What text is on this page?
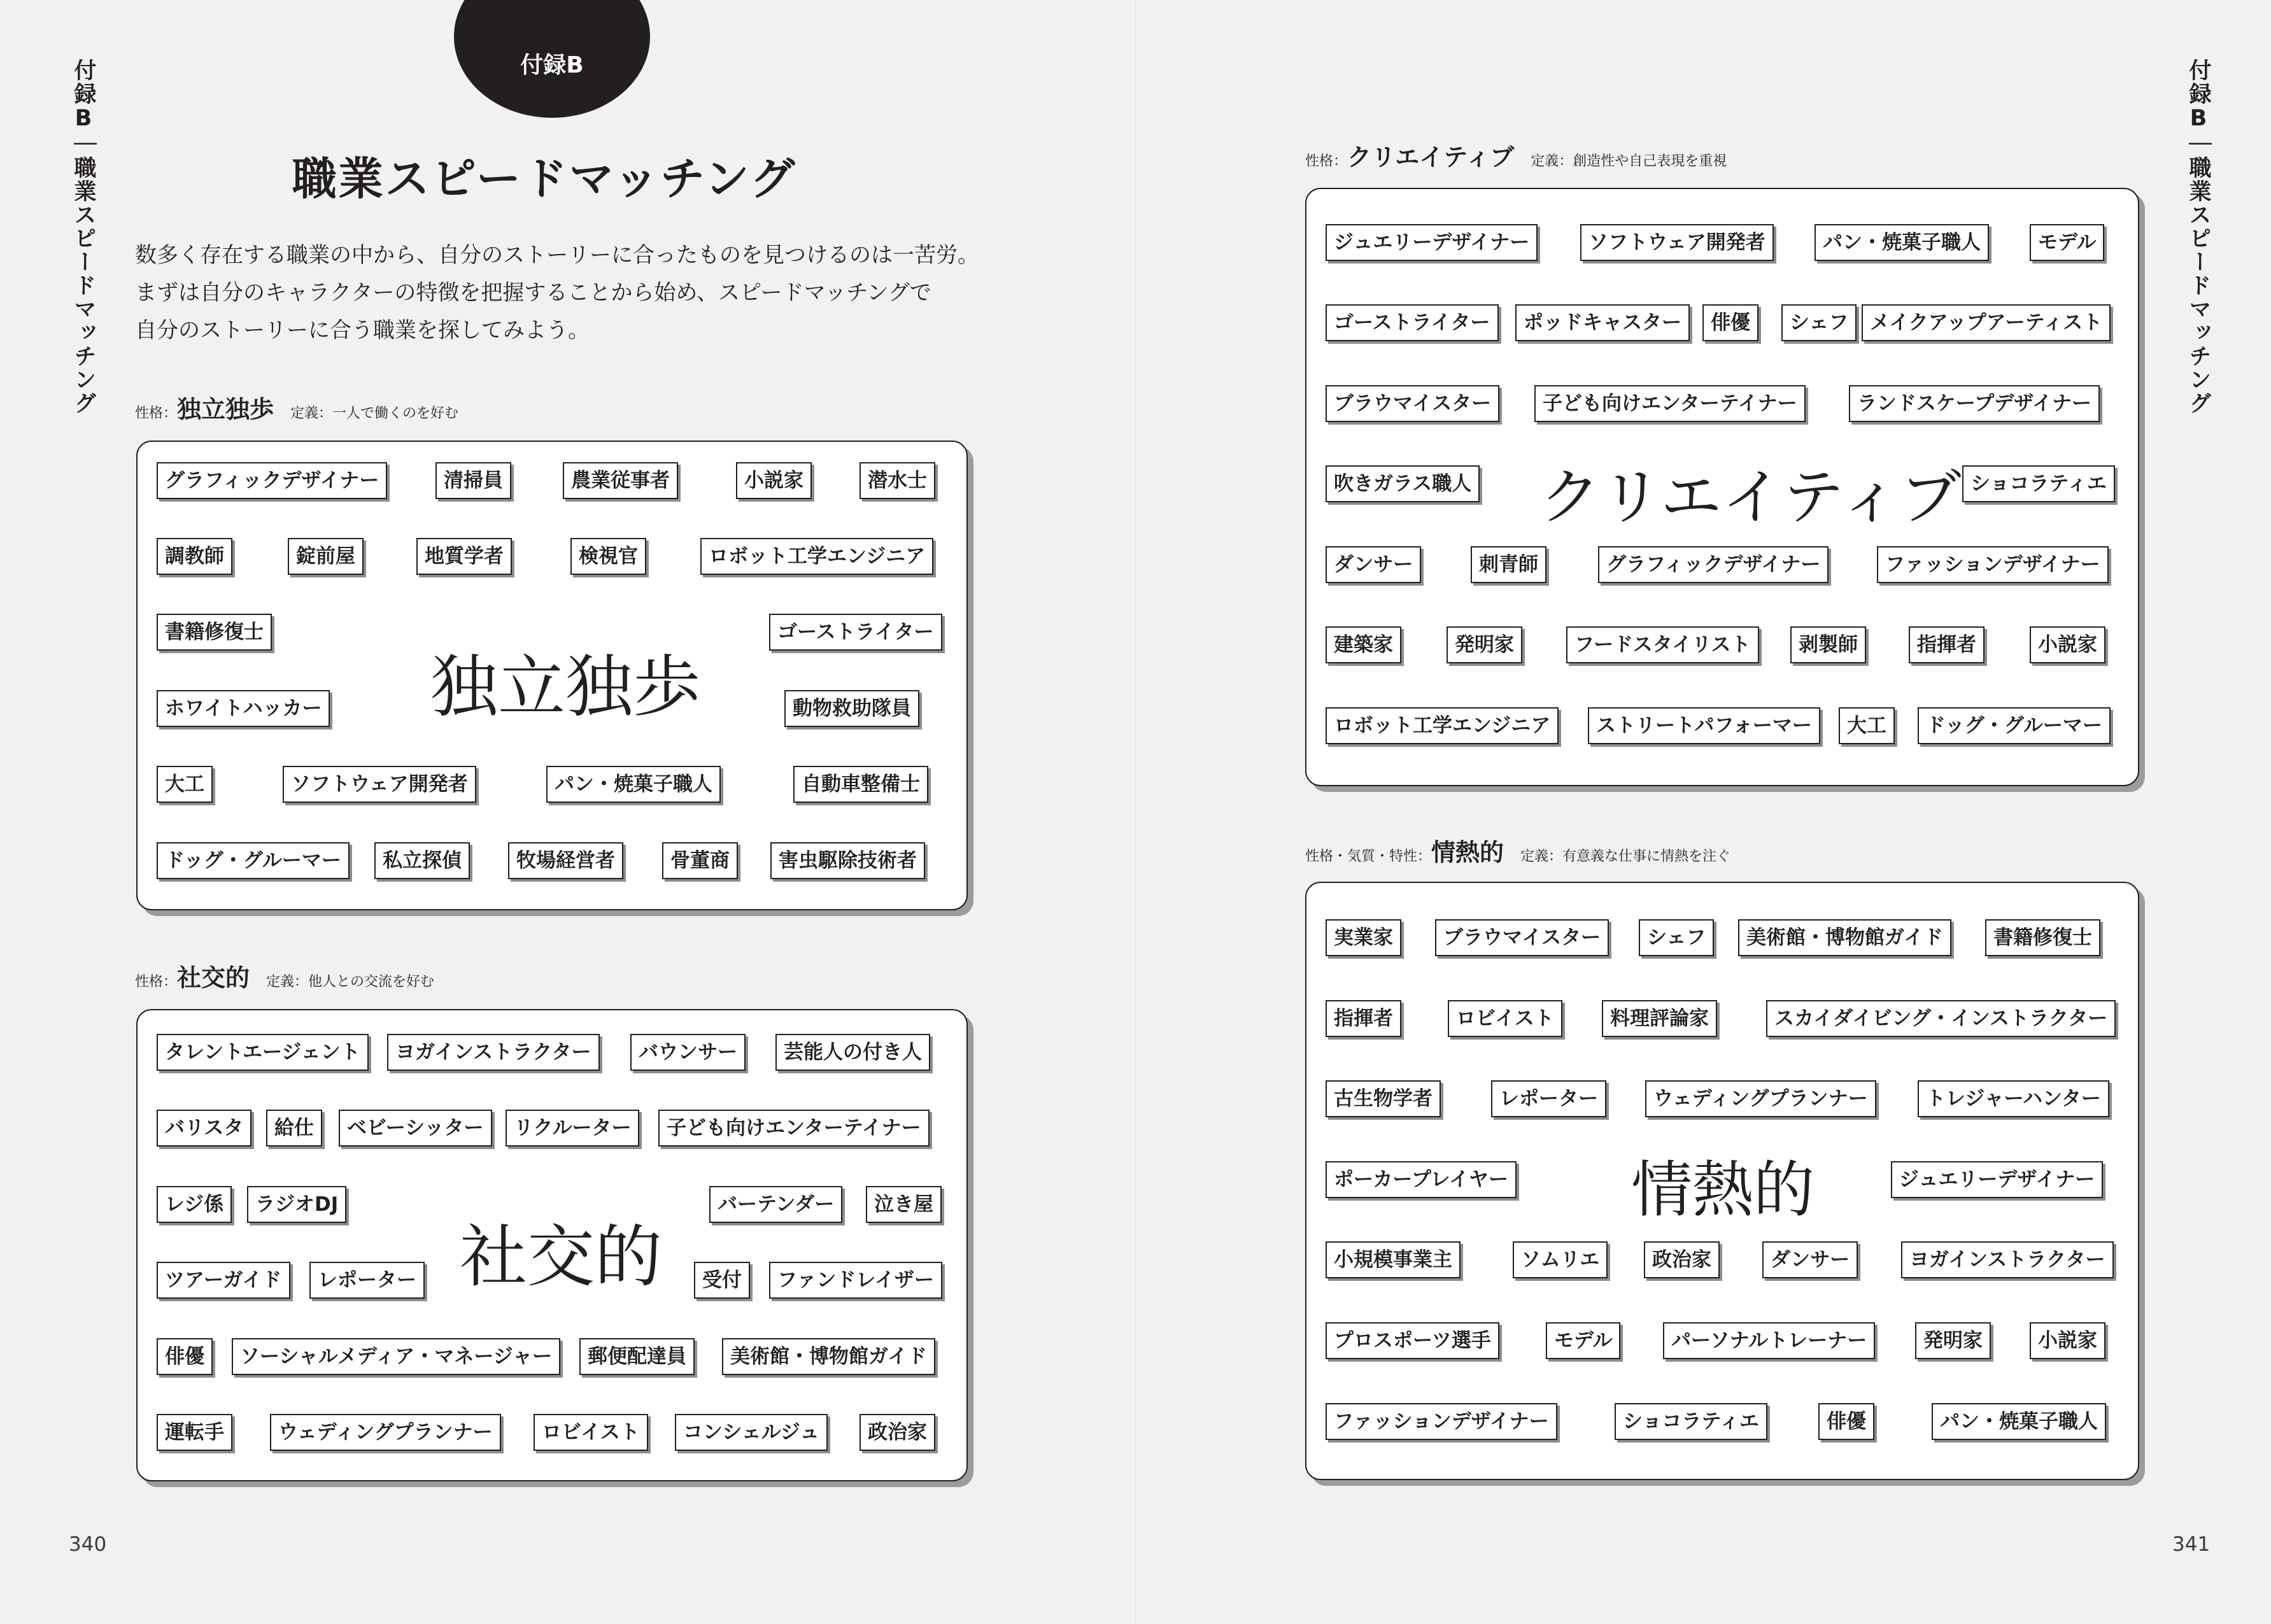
付録B
付録B｜職業スピードマッチング	職業スピードマッチング

数多く存在する職業の中から、自分のストーリーに合ったものを見つけるのは一苦労。

まずは自分のキャラクターの特徴を把握することから始め、スピードマッチングで

自分のストーリーに合う職業を探してみよう。

性格： 独立独歩 定義：一人で働くのを好む
独立独歩
性格： 社交的 定義：他人との交流を好む
社交的
340
付録B｜職業スピードマッチング
性格： クリエイティブ 定義：創造性や自己表現を重視
クリエイティブ
性格・気質・特性： 情熱的 定義：有意義な仕事に情熱を注ぐ
情熱的
341
グラフィックデザイナー	清掃員	農業従事者	小説家	潜水士
調教師	錠前屋	地質学者	検視官	ロボット工学エンジニア
書籍修復士	ゴーストライター
ホワイトハッカー	動物救助隊員
大工	ソフトウェア開発者	パン・焼菓子職人	自動車整備士
ドッグ・グルーマー	私立探偵	牧場経営者	骨董商	害虫駆除技術者
タレントエージェント	ヨガインストラクター	バウンサー	芸能人の付き人
バリスタ	給仕	ベビーシッター	リクルーター	子ども向けエンターテイナー
レジ係	ラジオDJ	バーテンダー	泣き屋
ツアーガイド	レポーター	受付	ファンドレイザー
俳優	ソーシャルメディア・マネージャー	郵便配達員	美術館・博物館ガイド
運転手	ウェディングプランナー	ロビイスト	コンシェルジュ	政治家
ジュエリーデザイナー	ソフトウェア開発者	パン・焼菓子職人	モデル
ゴーストライター	ポッドキャスター	俳優	シェフ	メイクアップアーティスト
ブラウマイスター	子ども向けエンターテイナー	ランドスケープデザイナー
吹きガラス職人	ショコラティエ
ダンサー	刺青師	グラフィックデザイナー	ファッションデザイナー
建築家	発明家	フードスタイリスト	剥製師	指揮者	小説家
ロボット工学エンジニア	ストリートパフォーマー	大工	ドッグ・グルーマー
実業家	ブラウマイスター	シェフ	美術館・博物館ガイド	書籍修復士
指揮者	ロビイスト	料理評論家	スカイダイビング・インストラクター
古生物学者	レポーター	ウェディングプランナー	トレジャーハンター
ポーカープレイヤー	ジュエリーデザイナー
小規模事業主	ソムリエ	政治家	ダンサー	ヨガインストラクター
プロスポーツ選手	モデル	パーソナルトレーナー	発明家	小説家
ファッションデザイナー	ショコラティエ	俳優	パン・焼菓子職人
